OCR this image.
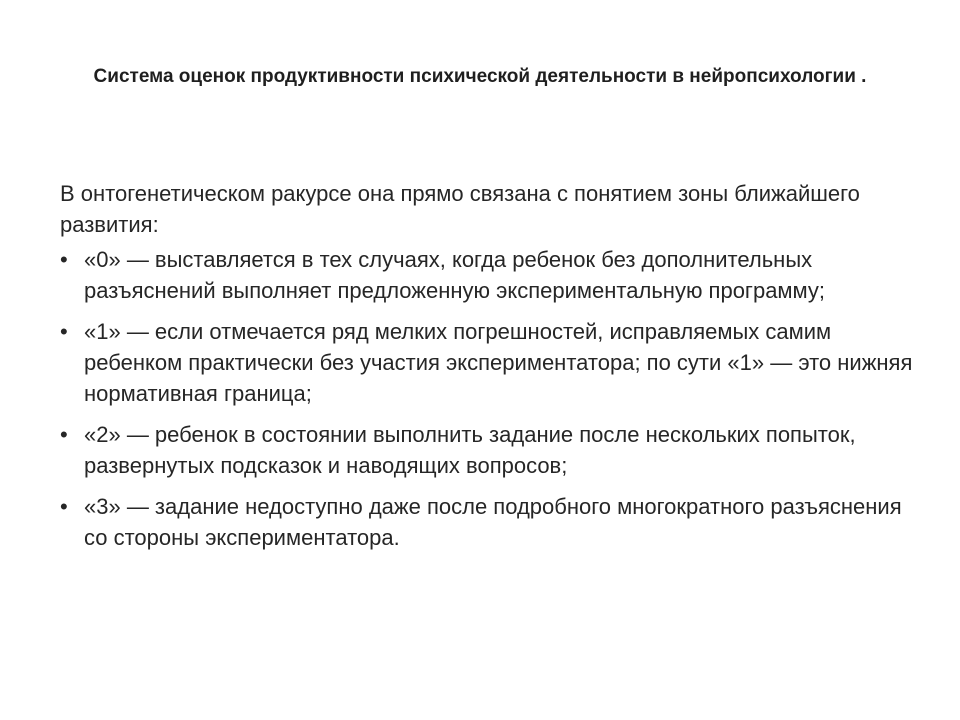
Система оценок продуктивности психической деятельности в нейропсихологии .

В онтогенетическом ракурсе она прямо связана с понятием зоны ближайшего развития:

• «0» — выставляется в тех случаях, когда ребенок без дополнительных разъяснений выполняет предложенную экспериментальную программу;
• «1» — если отмечается ряд мелких погрешностей, исправляемых самим ребенком практически без участия экспериментатора; по сути «1» — это нижняя нормативная граница;
• «2» — ребенок в состоянии выполнить задание после нескольких попыток, развернутых подсказок и наводящих вопросов;
• «3» — задание недоступно даже после подробного многократного разъяснения со стороны экспериментатора.
